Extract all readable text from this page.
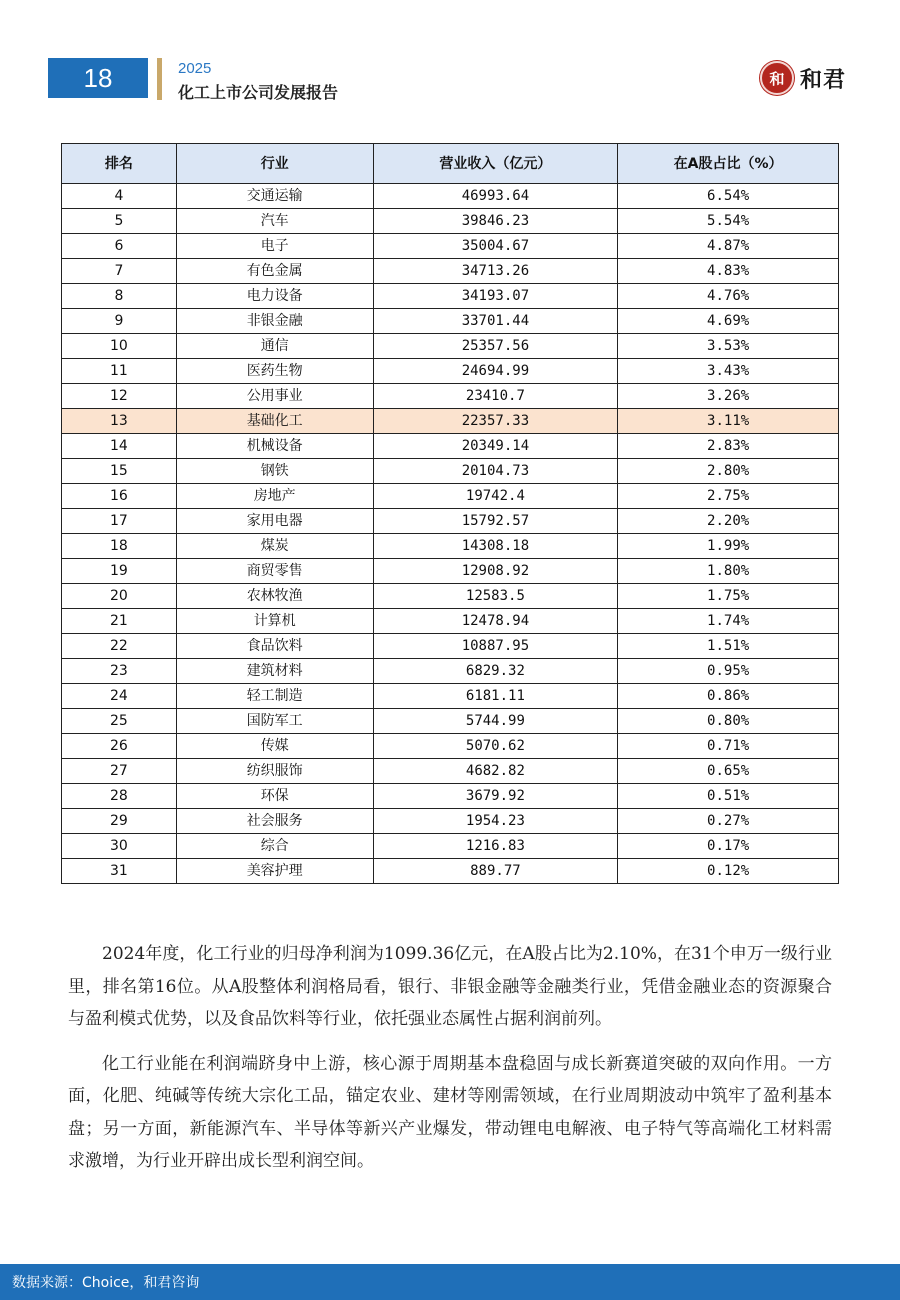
18	2025
化工上市公司发展报告
和 和君
排名	行业	营业收入（亿元）	在A股占比（%）
4	交通运输	46993.64	6.54%
5	汽车	39846.23	5.54%
6	电子	35004.67	4.87%
7	有色金属	34713.26	4.83%
8	电力设备	34193.07	4.76%
9	非银金融	33701.44	4.69%
10	通信	25357.56	3.53%
11	医药生物	24694.99	3.43%
12	公用事业	23410.7	3.26%
13	基础化工	22357.33	3.11%
14	机械设备	20349.14	2.83%
15	钢铁	20104.73	2.80%
16	房地产	19742.4	2.75%
17	家用电器	15792.57	2.20%
18	煤炭	14308.18	1.99%
19	商贸零售	12908.92	1.80%
20	农林牧渔	12583.5	1.75%
21	计算机	12478.94	1.74%
22	食品饮料	10887.95	1.51%
23	建筑材料	6829.32	0.95%
24	轻工制造	6181.11	0.86%
25	国防军工	5744.99	0.80%
26	传媒	5070.62	0.71%
27	纺织服饰	4682.82	0.65%
28	环保	3679.92	0.51%
29	社会服务	1954.23	0.27%
30	综合	1216.83	0.17%
31	美容护理	889.77	0.12%

2024年度，化工行业的归母净利润为1099.36亿元，在A股占比为2.10%，在31个申万一级行业里，排名第16位。从A股整体利润格局看，银行、非银金融等金融类行业，凭借金融业态的资源聚合与盈利模式优势，以及食品饮料等行业，依托强业态属性占据利润前列。

化工行业能在利润端跻身中上游，核心源于周期基本盘稳固与成长新赛道突破的双向作用。一方面，化肥、纯碱等传统大宗化工品，锚定农业、建材等刚需领域，在行业周期波动中筑牢了盈利基本盘；另一方面，新能源汽车、半导体等新兴产业爆发，带动锂电电解液、电子特气等高端化工材料需求激增，为行业开辟出成长型利润空间。

数据来源：Choice，和君咨询
